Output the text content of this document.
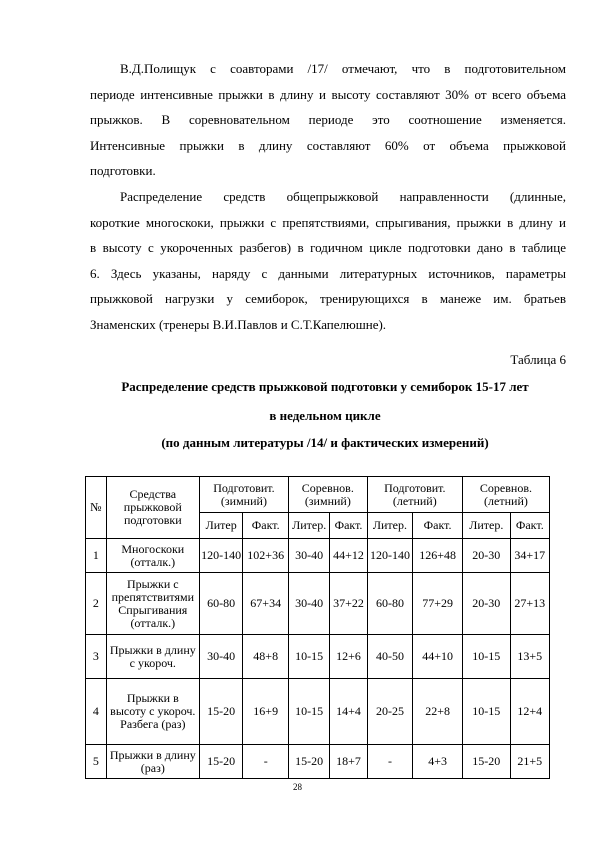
В.Д.Полищук с соавторами /17/ отмечают, что в подготовительном
периоде интенсивные прыжки в длину и высоту составляют 30% от всего объема
прыжков. В соревновательном периоде это соотношение изменяется.
Интенсивные прыжки в длину составляют 60% от объема прыжковой
подготовки.
Распределение средств общепрыжковой направленности (длинные,
короткие многоскоки, прыжки с препятствиями, спрыгивания, прыжки в длину и
в высоту с укороченных разбегов) в годичном цикле подготовки дано в таблице
6. Здесь указаны, наряду с данными литературных источников, параметры
прыжковой нагрузки у семиборок, тренирующихся в манеже им. братьев
Знаменских (тренеры В.И.Павлов и С.Т.Капелюшне).
Таблица 6
Распределение средств прыжковой подготовки у семиборок 15-17 лет
в недельном цикле
(по данным литературы /14/ и фактических измерений)
№	Средства прыжковой подготовки	Подготовит. (зимний)		Соревнов. (зимний)		Подготовит. (летний)		Соревнов. (летний)	
		Литер	Факт.	Литер.	Факт.	Литер.	Факт.	Литер.	Факт.
1	Многоскоки (отталк.)	120-140	102+36	30-40	44+12	120-140	126+48	20-30	34+17
2	Прыжки с препятствитями Спрыгивания (отталк.)	60-80	67+34	30-40	37+22	60-80	77+29	20-30	27+13
3	Прыжки в длину с укороч.	30-40	48+8	10-15	12+6	40-50	44+10	10-15	13+5
4	Прыжки в высоту с укороч. Разбега (раз)	15-20	16+9	10-15	14+4	20-25	22+8	10-15	12+4
5	Прыжки в длину (раз)	15-20	-	15-20	18+7	-	4+3	15-20	21+5
28
